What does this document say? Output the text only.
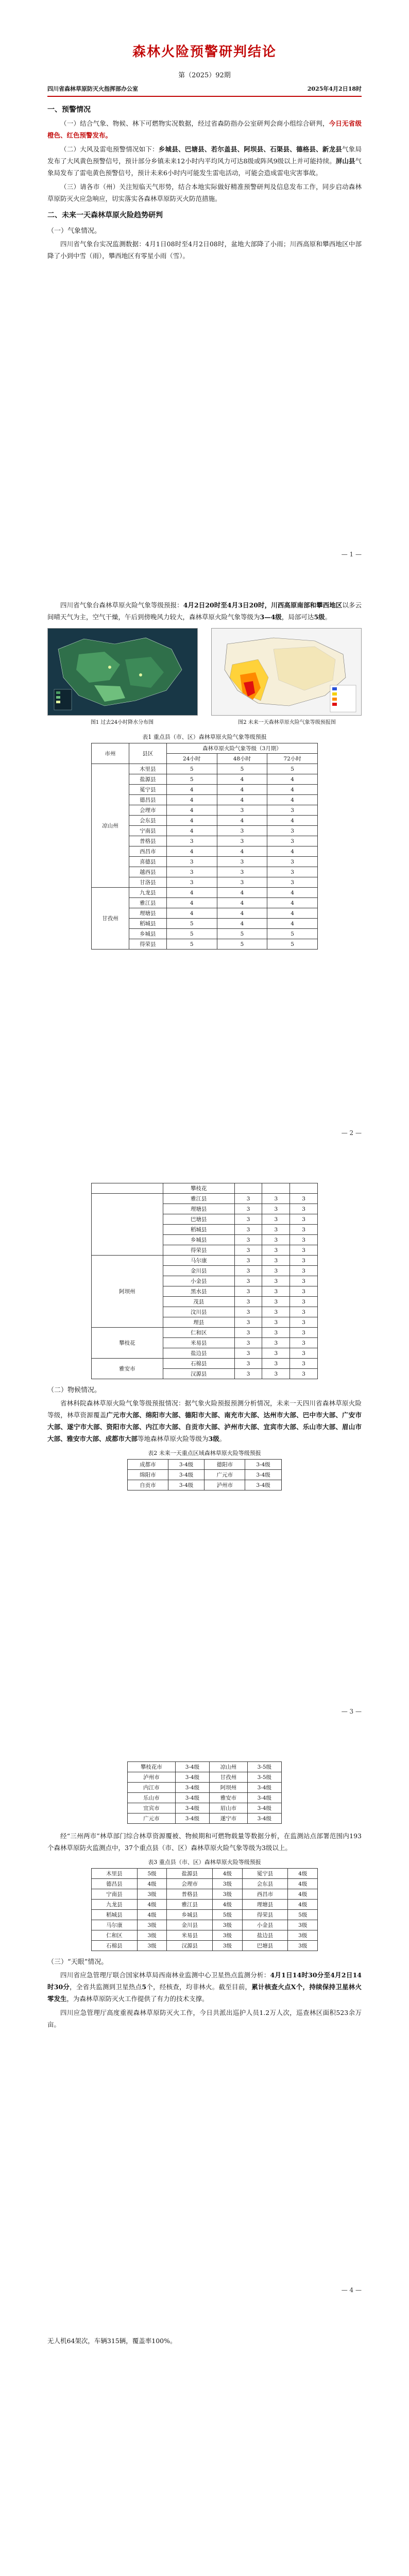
森林火险预警研判结论
第（2025）92期
四川省森林草原防灭火指挥部办公室	2025年4月2日18时
一、预警情况

（一）结合气象、物候、林下可燃物实况数据，经过省森防指办公室研判会商小组综合研判，今日无省级橙色、红色预警发布。

（二）大风及雷电预警情况如下：乡城县、巴塘县、若尔盖县、阿坝县、石渠县、德格县、新龙县气象局发布了大风黄色预警信号，预计部分乡镇未来12小时内平均风力可达8级或阵风9级以上并可能持续。屏山县气象局发布了雷电黄色预警信号，预计未来6小时内可能发生雷电活动，可能会造成雷电灾害事故。

（三）请各市（州）关注短临天气形势，结合本地实际做好精准预警研判及信息发布工作，同步启动森林草原防灭火应急响应，切实落实各森林草原防灭火防范措施。

二、未来一天森林草原火险趋势研判
（一）气象情况。

四川省气象台实况监测数据：4月1日08时至4月2日08时，盆地大部降了小雨；川西高原和攀西地区中部降了小到中雪（雨），攀西地区有零星小雨（雪）。

— 1 —

四川省气象台森林草原火险气象等级预报：4月2日20时至4月3日20时，川西高原南部和攀西地区以多云间晴天气为主，空气干燥，午后到傍晚风力较大，森林草原火险气象等级为3—4级，局部可达5级。

图1 过去24小时降水分布图	图2 未来一天森林草原火险气象等级预报图
表1 重点县（市、区）森林草原火险气象等级预报
市州	县区	森林草原火险气象等级（3月期）		
		24小时	48小时	72小时
凉山州	木里县	5	5	5
	盐源县	5	4	4
	冕宁县	4	4	4
	德昌县	4	4	4
	会理市	4	3	3
	会东县	4	4	4
	宁南县	4	3	3
	普格县	3	3	3
	西昌市	4	4	4
	喜德县	3	3	3
	越西县	3	3	3
	甘洛县	3	3	3
甘孜州	九龙县	4	4	4
	雅江县	4	4	4
	理塘县	4	4	4
	稻城县	5	4	4
	乡城县	5	5	5
	得荣县	5	5	5
— 2 —
	攀枝花			
	雅江县	3	3	3
	理塘县	3	3	3
	巴塘县	3	3	3
	稻城县	3	3	3
	乡城县	3	3	3
	得荣县	3	3	3
阿坝州	马尔康	3	3	3
	金川县	3	3	3
	小金县	3	3	3
	黑水县	3	3	3
	茂县	3	3	3
	汶川县	3	3	3
	理县	3	3	3
攀枝花	仁和区	3	3	3
	米易县	3	3	3
	盐边县	3	3	3
雅安市	石棉县	3	3	3
	汉源县	3	3	3
（二）物候情况。

省林科院森林草原火险气象等级预报情况：据气象火险预报预测分析情况，未来一天四川省森林草原火险等级，林草资源覆盖广元市大部、绵阳市大部、德阳市大部、南充市大部、达州市大部、巴中市大部、广安市大部、遂宁市大部、资阳市大部、内江市大部、自贡市大部、泸州市大部、宜宾市大部、乐山市大部、眉山市大部、雅安市大部、成都市大部等地森林草原火险等级为3级。

表2 未来一天重点区域森林草原火险等级预报
成都市	3-4级	德阳市	3-4级
绵阳市	3-4级	广元市	3-4级
自贡市	3-4级	泸州市	3-4级
— 3 —
攀枝花市	3-4级	凉山州	3-5级
泸州市	3-4级	甘孜州	3-5级
内江市	3-4级	阿坝州	3-4级
乐山市	3-4级	雅安市	3-4级
宜宾市	3-4级	眉山市	3-4级
广元市	3-4级	遂宁市	3-4级

经“三州两市”林草部门综合林草资源覆被、物候期和可燃物载量等数据分析，在监测站点部署范围内193个森林草原防火监测点中，37个重点县（市、区）森林草原火险气象等级为3级以上。

表3 重点县（市、区）森林草原火险等级预报
木里县	5级	盐源县	4级	冕宁县	4级
德昌县	4级	会理市	3级	会东县	4级
宁南县	3级	普格县	3级	西昌市	4级
九龙县	4级	雅江县	4级	理塘县	4级
稻城县	4级	乡城县	5级	得荣县	5级
马尔康	3级	金川县	3级	小金县	3级
仁和区	3级	米易县	3级	盐边县	3级
石棉县	3级	汉源县	3级	巴塘县	3级
（三）“天眼”情况。

四川省应急管理厅联合国家林草局西南林业监测中心卫星热点监测分析：4月1日14时30分至4月2日14时30分，全省共监测到卫星热点5个，经核查，均非林火。截至目前，累计核查火点X个，持续保持卫星林火零发生，为森林草原防灭火工作提供了有力的技术支撑。

四川应急管理厅高度重视森林草原防灭火工作，今日共派出巡护人员1.2万人次，巡查林区面积523余万亩。

— 4 —

无人机64架次，车辆315辆，覆盖率100%。
